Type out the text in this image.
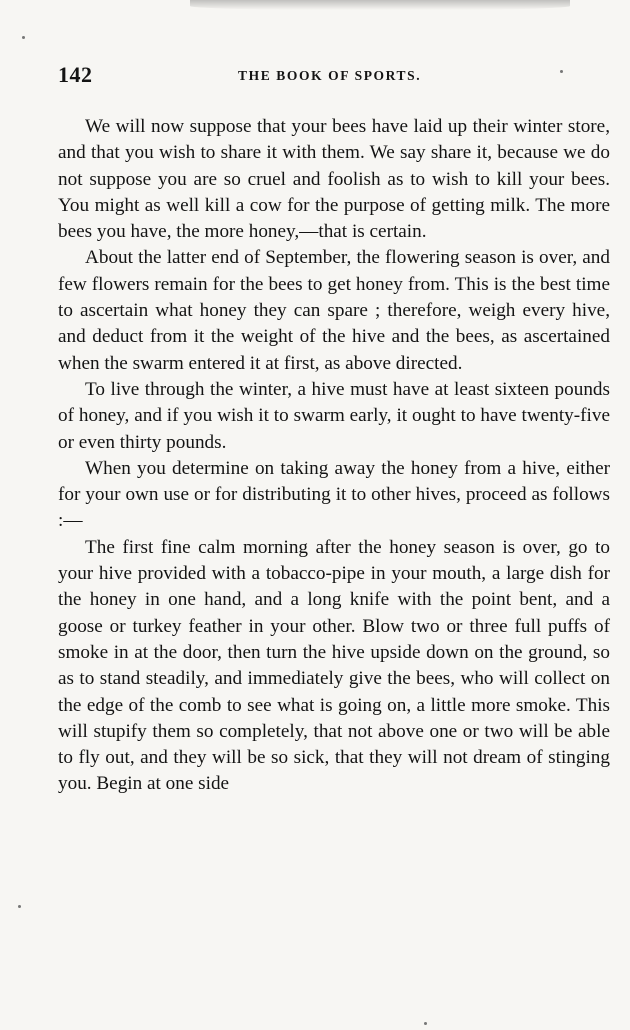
142	THE BOOK OF SPORTS.

We will now suppose that your bees have laid up their winter store, and that you wish to share it with them. We say share it, because we do not suppose you are so cruel and foolish as to wish to kill your bees. You might as well kill a cow for the purpose of getting milk. The more bees you have, the more honey,—that is certain.

About the latter end of September, the flowering season is over, and few flowers remain for the bees to get honey from. This is the best time to ascertain what honey they can spare ; therefore, weigh every hive, and deduct from it the weight of the hive and the bees, as ascertained when the swarm entered it at first, as above directed.

To live through the winter, a hive must have at least sixteen pounds of honey, and if you wish it to swarm early, it ought to have twenty-five or even thirty pounds.

When you determine on taking away the honey from a hive, either for your own use or for distributing it to other hives, proceed as follows :—

The first fine calm morning after the honey season is over, go to your hive provided with a tobacco-pipe in your mouth, a large dish for the honey in one hand, and a long knife with the point bent, and a goose or turkey feather in your other. Blow two or three full puffs of smoke in at the door, then turn the hive upside down on the ground, so as to stand steadily, and immediately give the bees, who will collect on the edge of the comb to see what is going on, a little more smoke. This will stupify them so completely, that not above one or two will be able to fly out, and they will be so sick, that they will not dream of stinging you. Begin at one side
